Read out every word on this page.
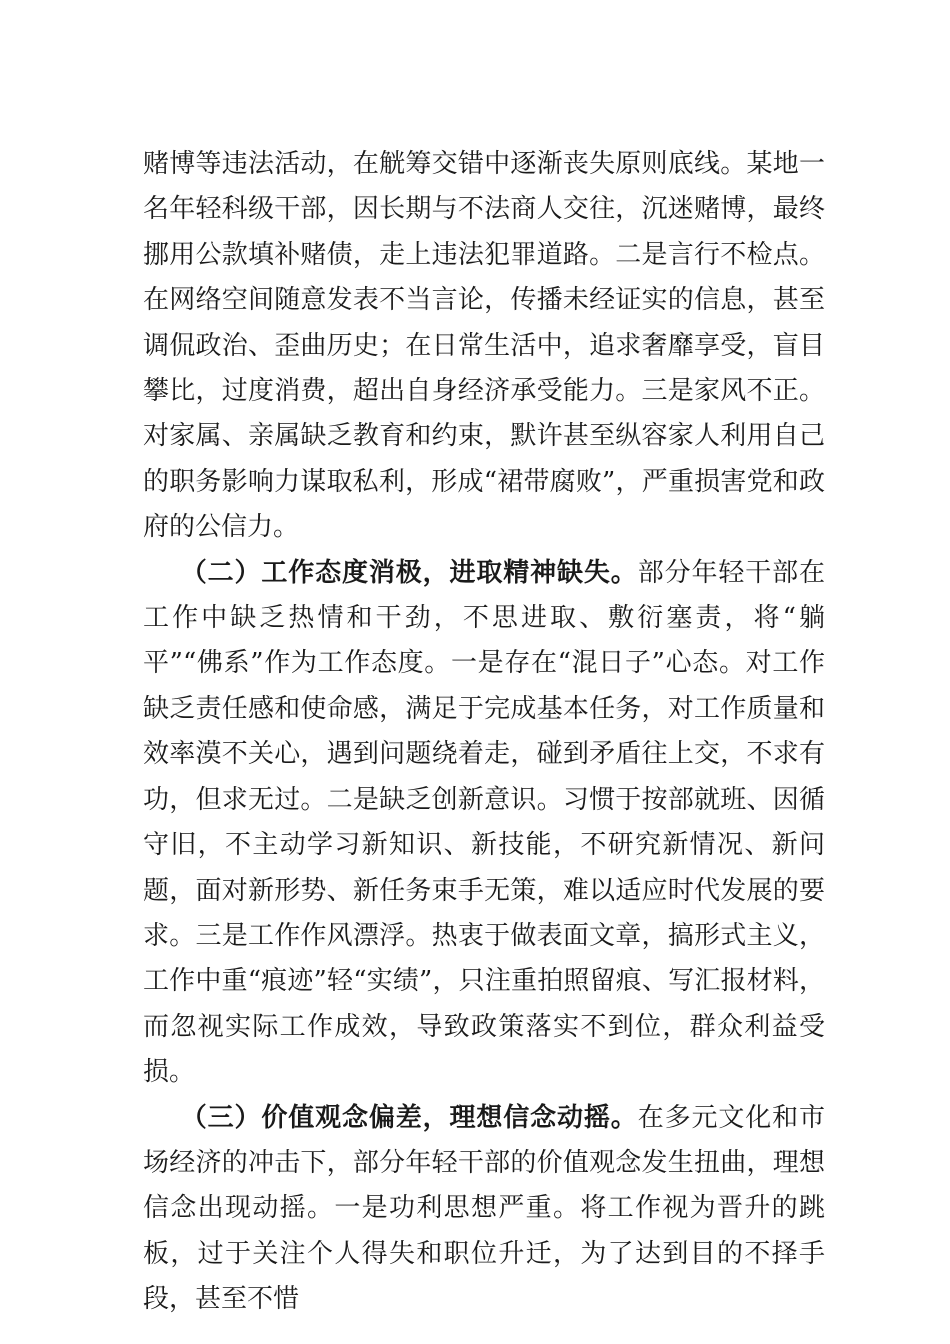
赌博等违法活动，在觥筹交错中逐渐丧失原则底线。某地一名年轻科级干部，因长期与不法商人交往，沉迷赌博，最终挪用公款填补赌债，走上违法犯罪道路。二是言行不检点。在网络空间随意发表不当言论，传播未经证实的信息，甚至调侃政治、歪曲历史；在日常生活中，追求奢靡享受，盲目攀比，过度消费，超出自身经济承受能力。三是家风不正。对家属、亲属缺乏教育和约束，默许甚至纵容家人利用自己的职务影响力谋取私利，形成“裙带腐败”，严重损害党和政府的公信力。

（二）工作态度消极，进取精神缺失。部分年轻干部在工作中缺乏热情和干劲，不思进取、敷衍塞责，将“躺平”“佛系”作为工作态度。一是存在“混日子”心态。对工作缺乏责任感和使命感，满足于完成基本任务，对工作质量和效率漠不关心，遇到问题绕着走，碰到矛盾往上交，不求有功，但求无过。二是缺乏创新意识。习惯于按部就班、因循守旧，不主动学习新知识、新技能，不研究新情况、新问题，面对新形势、新任务束手无策，难以适应时代发展的要求。三是工作作风漂浮。热衷于做表面文章，搞形式主义，工作中重“痕迹”轻“实绩”，只注重拍照留痕、写汇报材料，而忽视实际工作成效，导致政策落实不到位，群众利益受损。

（三）价值观念偏差，理想信念动摇。在多元文化和市场经济的冲击下，部分年轻干部的价值观念发生扭曲，理想信念出现动摇。一是功利思想严重。将工作视为晋升的跳板，过于关注个人得失和职位升迁，为了达到目的不择手段，甚至不惜
